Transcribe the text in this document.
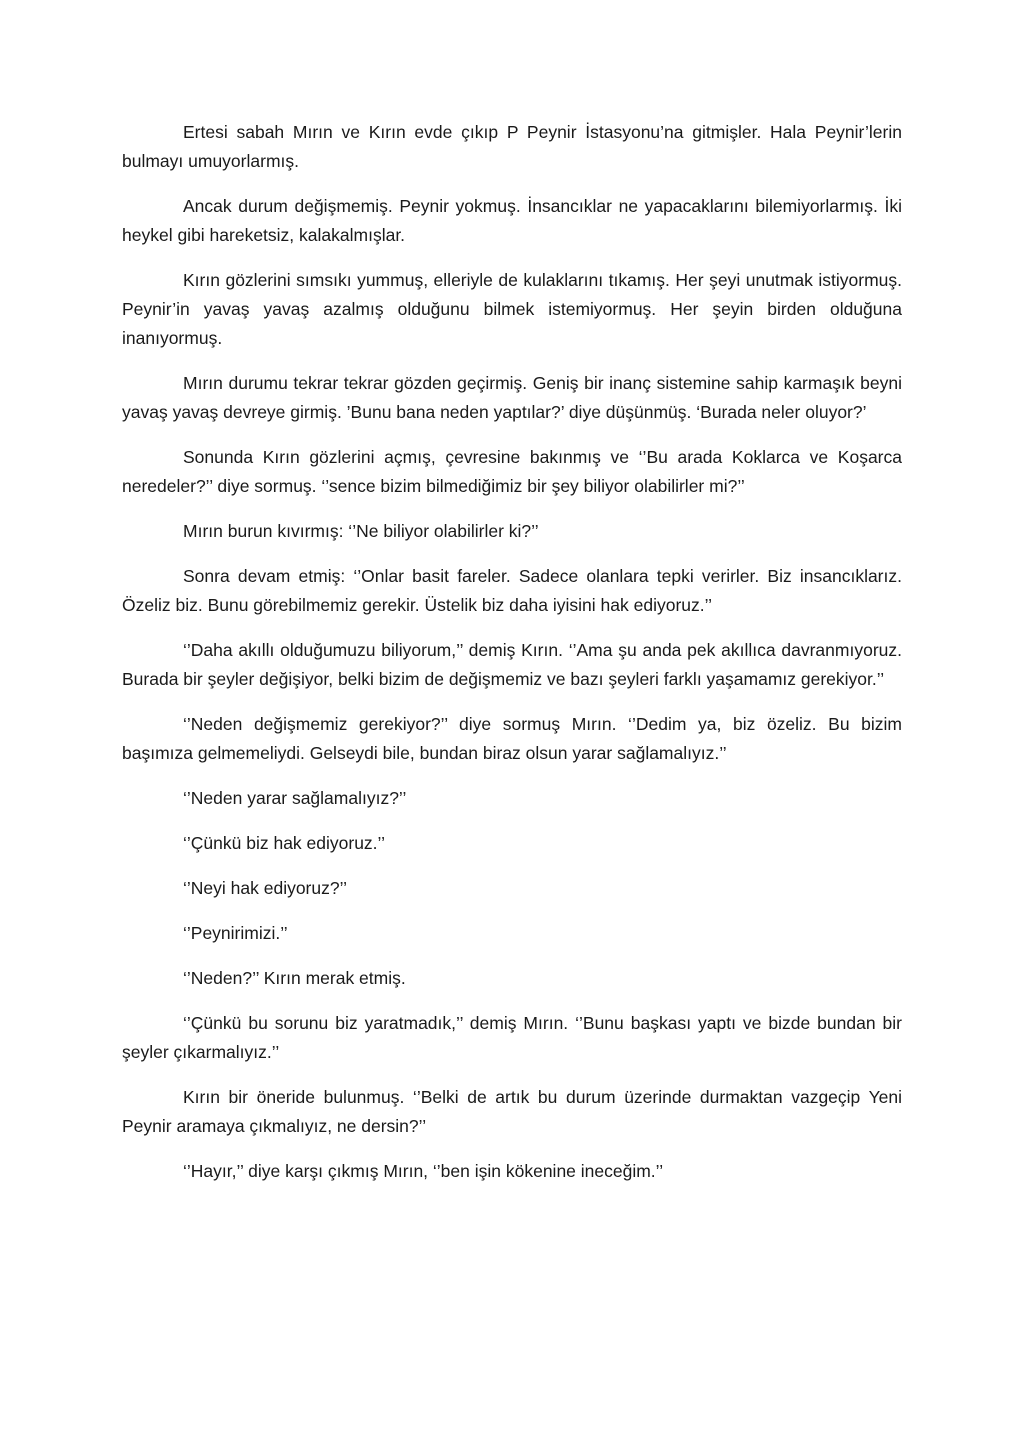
Ertesi sabah Mırın ve Kırın evde çıkıp P Peynir İstasyonu’na gitmişler. Hala Peynir’lerin bulmayı umuyorlarmış.

Ancak durum değişmemiş. Peynir yokmuş. İnsancıklar ne yapacaklarını bilemiyorlarmış. İki heykel gibi hareketsiz, kalakalmışlar.

Kırın gözlerini sımsıkı yummuş, elleriyle de kulaklarını tıkamış. Her şeyi unutmak istiyormuş. Peynir’in yavaş yavaş azalmış olduğunu bilmek istemiyormuş. Her şeyin birden olduğuna inanıyormuş.

Mırın durumu tekrar tekrar gözden geçirmiş. Geniş bir inanç sistemine sahip karmaşık beyni yavaş yavaş devreye girmiş. ’Bunu bana neden yaptılar?’ diye düşünmüş. ‘Burada neler oluyor?’

Sonunda Kırın gözlerini açmış, çevresine bakınmış ve ‘’Bu arada Koklarca ve Koşarca neredeler?’’ diye sormuş. ‘’sence bizim bilmediğimiz bir şey biliyor olabilirler mi?’’

Mırın burun kıvırmış: ‘’Ne biliyor olabilirler ki?’’

Sonra devam etmiş: ‘’Onlar basit fareler. Sadece olanlara tepki verirler. Biz insancıklarız. Özeliz biz. Bunu görebilmemiz gerekir. Üstelik biz daha iyisini hak ediyoruz.’’

‘’Daha akıllı olduğumuzu biliyorum,’’ demiş Kırın. ‘’Ama şu anda pek akıllıca davranmıyoruz. Burada bir şeyler değişiyor, belki bizim de değişmemiz ve bazı şeyleri farklı yaşamamız gerekiyor.’’

‘’Neden değişmemiz gerekiyor?’’ diye sormuş Mırın. ‘’Dedim ya, biz özeliz. Bu bizim başımıza gelmemeliydi. Gelseydi bile, bundan biraz olsun yarar sağlamalıyız.’’

‘’Neden yarar sağlamalıyız?’’

‘’Çünkü biz hak ediyoruz.’’

‘’Neyi hak ediyoruz?’’

‘’Peynirimizi.’’

‘’Neden?’’ Kırın merak etmiş.

‘’Çünkü bu sorunu biz yaratmadık,’’ demiş Mırın. ‘’Bunu başkası yaptı ve bizde bundan bir şeyler çıkarmalıyız.’’

Kırın bir öneride bulunmuş. ‘’Belki de artık bu durum üzerinde durmaktan vazgeçip Yeni Peynir aramaya çıkmalıyız, ne dersin?’’

‘’Hayır,’’ diye karşı çıkmış Mırın, ‘’ben işin kökenine ineceğim.’’
